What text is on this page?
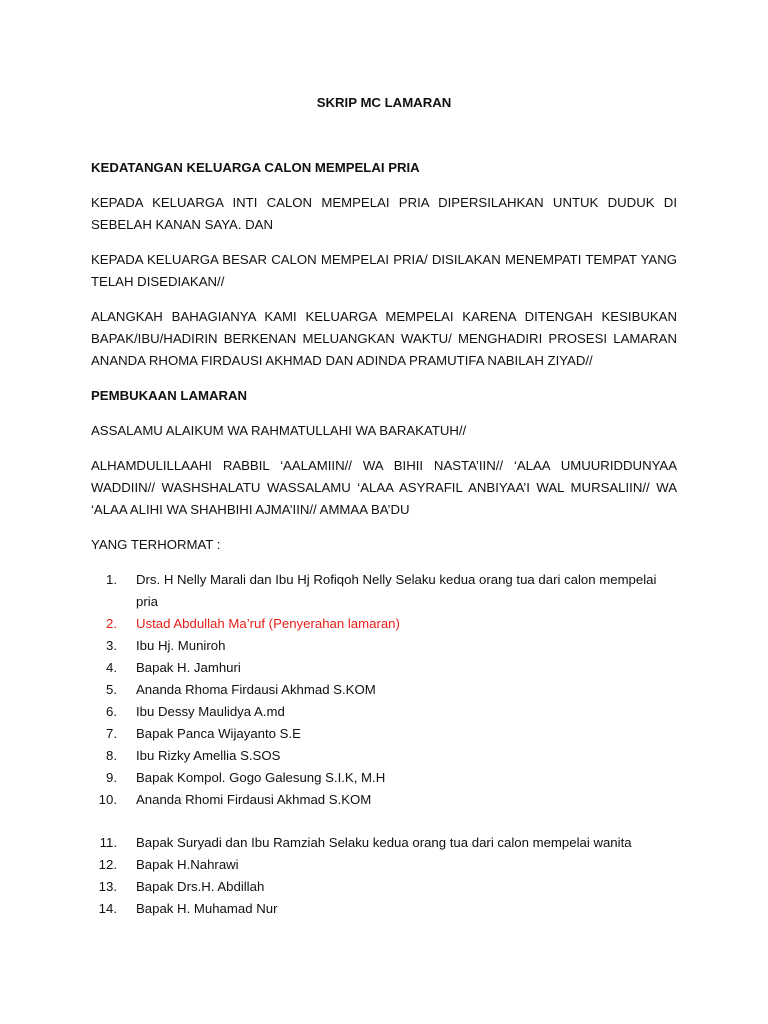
SKRIP MC LAMARAN
KEDATANGAN KELUARGA CALON MEMPELAI PRIA

KEPADA KELUARGA INTI CALON MEMPELAI PRIA DIPERSILAHKAN UNTUK DUDUK DI SEBELAH KANAN SAYA. DAN

KEPADA KELUARGA BESAR CALON MEMPELAI PRIA/ DISILAKAN MENEMPATI TEMPAT YANG TELAH DISEDIAKAN//

ALANGKAH BAHAGIANYA KAMI KELUARGA MEMPELAI KARENA DITENGAH KESIBUKAN BAPAK/IBU/HADIRIN BERKENAN MELUANGKAN WAKTU/ MENGHADIRI PROSESI LAMARAN ANANDA RHOMA FIRDAUSI AKHMAD DAN ADINDA PRAMUTIFA NABILAH ZIYAD//

PEMBUKAAN LAMARAN

ASSALAMU ALAIKUM WA RAHMATULLAHI WA BARAKATUH//

ALHAMDULILLAAHI RABBIL ‘AALAMIIN// WA BIHII NASTA’IIN// ‘ALAA UMUURIDDUNYAA WADDIIN// WASHSHALATU WASSALAMU ‘ALAA ASYRAFIL ANBIYAA’I WAL MURSALIIN// WA ‘ALAA ALIHI WA SHAHBIHI AJMA’IIN// AMMAA BA’DU

YANG TERHORMAT :

1.	Drs. H Nelly Marali dan Ibu Hj Rofiqoh Nelly Selaku kedua orang tua dari calon mempelai pria
2.	Ustad Abdullah Ma’ruf (Penyerahan lamaran)
3.	Ibu Hj. Muniroh
4.	Bapak H. Jamhuri
5.	Ananda Rhoma Firdausi Akhmad S.KOM
6.	Ibu Dessy Maulidya A.md
7.	Bapak Panca Wijayanto S.E
8.	Ibu Rizky Amellia S.SOS
9.	Bapak Kompol. Gogo Galesung S.I.K, M.H
10.	Ananda Rhomi Firdausi Akhmad S.KOM
11.	Bapak Suryadi dan Ibu Ramziah Selaku kedua orang tua dari calon mempelai wanita
12.	Bapak H.Nahrawi
13.	Bapak Drs.H. Abdillah
14.	Bapak H. Muhamad Nur
